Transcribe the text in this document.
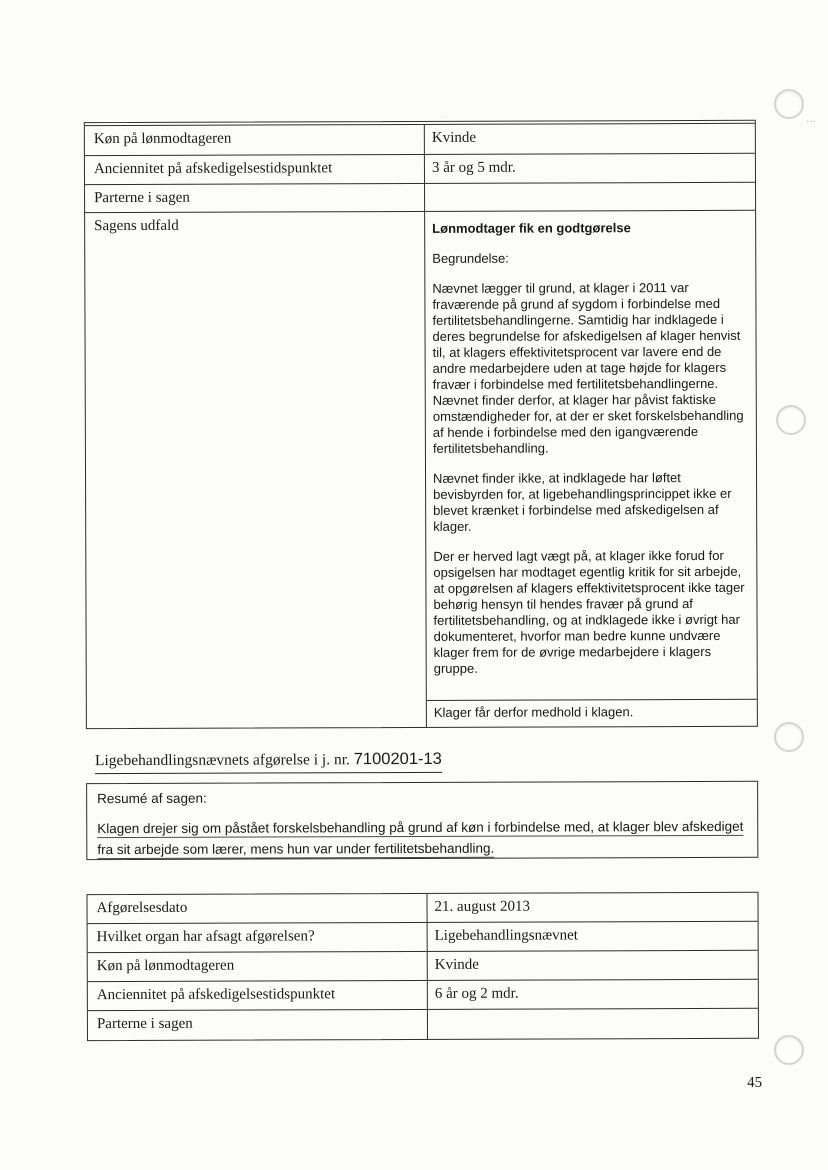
Køn på lønmodtageren	Kvinde
Anciennitet på afskedigelsestidspunktet	3 år og 5 mdr.
Parterne i sagen
Sagens udfald	Lønmodtager fik en godtgørelse

Begrundelse:

Nævnet lægger til grund, at klager i 2011 var fraværende på grund af sygdom i forbindelse med fertilitetsbehandlingerne. Samtidig har indklagede i deres begrundelse for afskedigelsen af klager henvist til, at klagers effektivitetsprocent var lavere end de andre medarbejdere uden at tage højde for klagers fravær i forbindelse med fertilitetsbehandlingerne. Nævnet finder derfor, at klager har påvist faktiske omstændigheder for, at der er sket forskelsbehandling af hende i forbindelse med den igangværende fertilitetsbehandling.

Nævnet finder ikke, at indklagede har løftet bevisbyrden for, at ligebehandlingsprincippet ikke er blevet krænket i forbindelse med afskedigelsen af klager.

Der er herved lagt vægt på, at klager ikke forud for opsigelsen har modtaget egentlig kritik for sit arbejde, at opgørelsen af klagers effektivitetsprocent ikke tager behørig hensyn til hendes fravær på grund af fertilitetsbehandling, og at indklagede ikke i øvrigt har dokumenteret, hvorfor man bedre kunne undvære klager frem for de øvrige medarbejdere i klagers gruppe.

Klager får derfor medhold i klagen.
Ligebehandlingsnævnets afgørelse i j. nr. 7100201-13
Resumé af sagen:
Klagen drejer sig om påstået forskelsbehandling på grund af køn i forbindelse med, at klager blev afskediget fra sit arbejde som lærer, mens hun var under fertilitetsbehandling.
Afgørelsesdato	21. august 2013
Hvilket organ har afsagt afgørelsen?	Ligebehandlingsnævnet
Køn på lønmodtageren	Kvinde
Anciennitet på afskedigelsestidspunktet	6 år og 2 mdr.
Parterne i sagen
45
…
··
